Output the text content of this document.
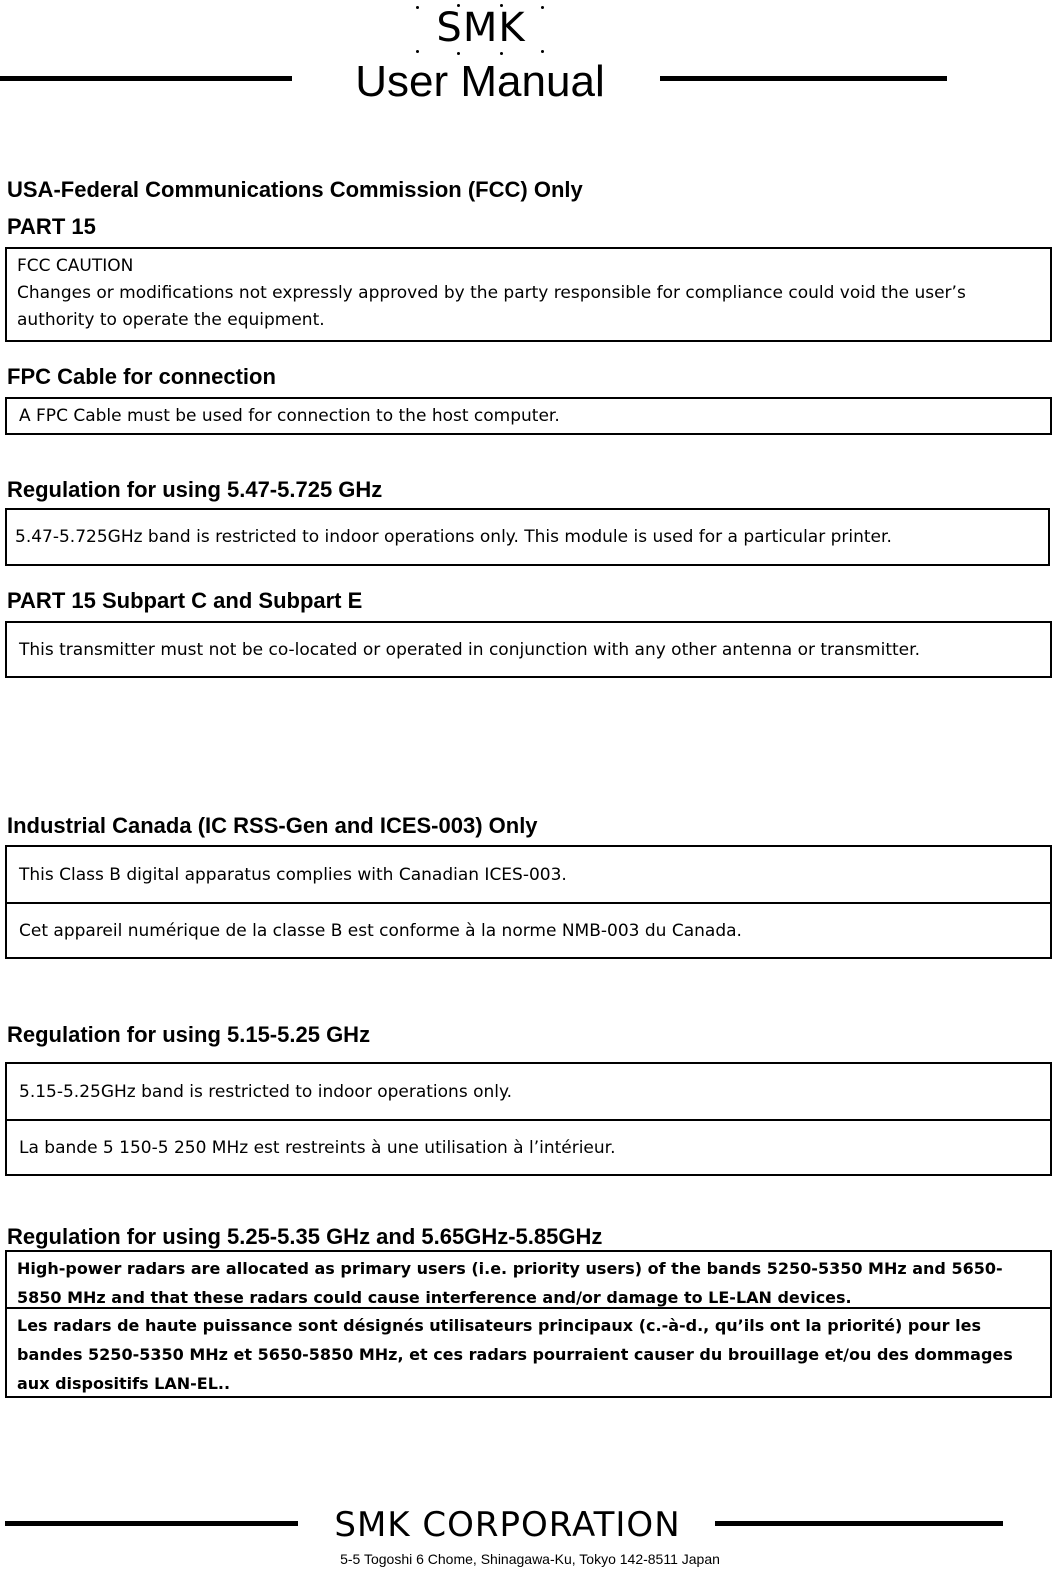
SMK
User Manual
USA-Federal Communications Commission (FCC) Only
PART 15
FCC CAUTION
Changes or modifications not expressly approved by the party responsible for compliance could void the user’s authority to operate the equipment.
FPC Cable for connection
A FPC Cable must be used for connection to the host computer.
Regulation for using 5.47-5.725 GHz
5.47-5.725GHz band is restricted to indoor operations only. This module is used for a particular printer.
PART 15 Subpart C and Subpart E
This transmitter must not be co-located or operated in conjunction with any other antenna or transmitter.
Industrial Canada (IC RSS-Gen and ICES-003) Only
This Class B digital apparatus complies with Canadian ICES-003.
Cet appareil numérique de la classe B est conforme à la norme NMB-003 du Canada.
Regulation for using 5.15-5.25 GHz
5.15-5.25GHz band is restricted to indoor operations only.
La bande 5 150-5 250 MHz est restreints à une utilisation à l’intérieur.
Regulation for using 5.25-5.35 GHz and 5.65GHz-5.85GHz
High-power radars are allocated as primary users (i.e. priority users) of the bands 5250-5350 MHz and 5650-5850 MHz and that these radars could cause interference and/or damage to LE-LAN devices.
Les radars de haute puissance sont désignés utilisateurs principaux (c.-à-d., qu’ils ont la priorité) pour les bandes 5250-5350 MHz et 5650-5850 MHz, et ces radars pourraient causer du brouillage et/ou des dommages aux dispositifs LAN-EL..
SMK CORPORATION
5-5 Togoshi 6 Chome, Shinagawa-Ku, Tokyo 142-8511 Japan
